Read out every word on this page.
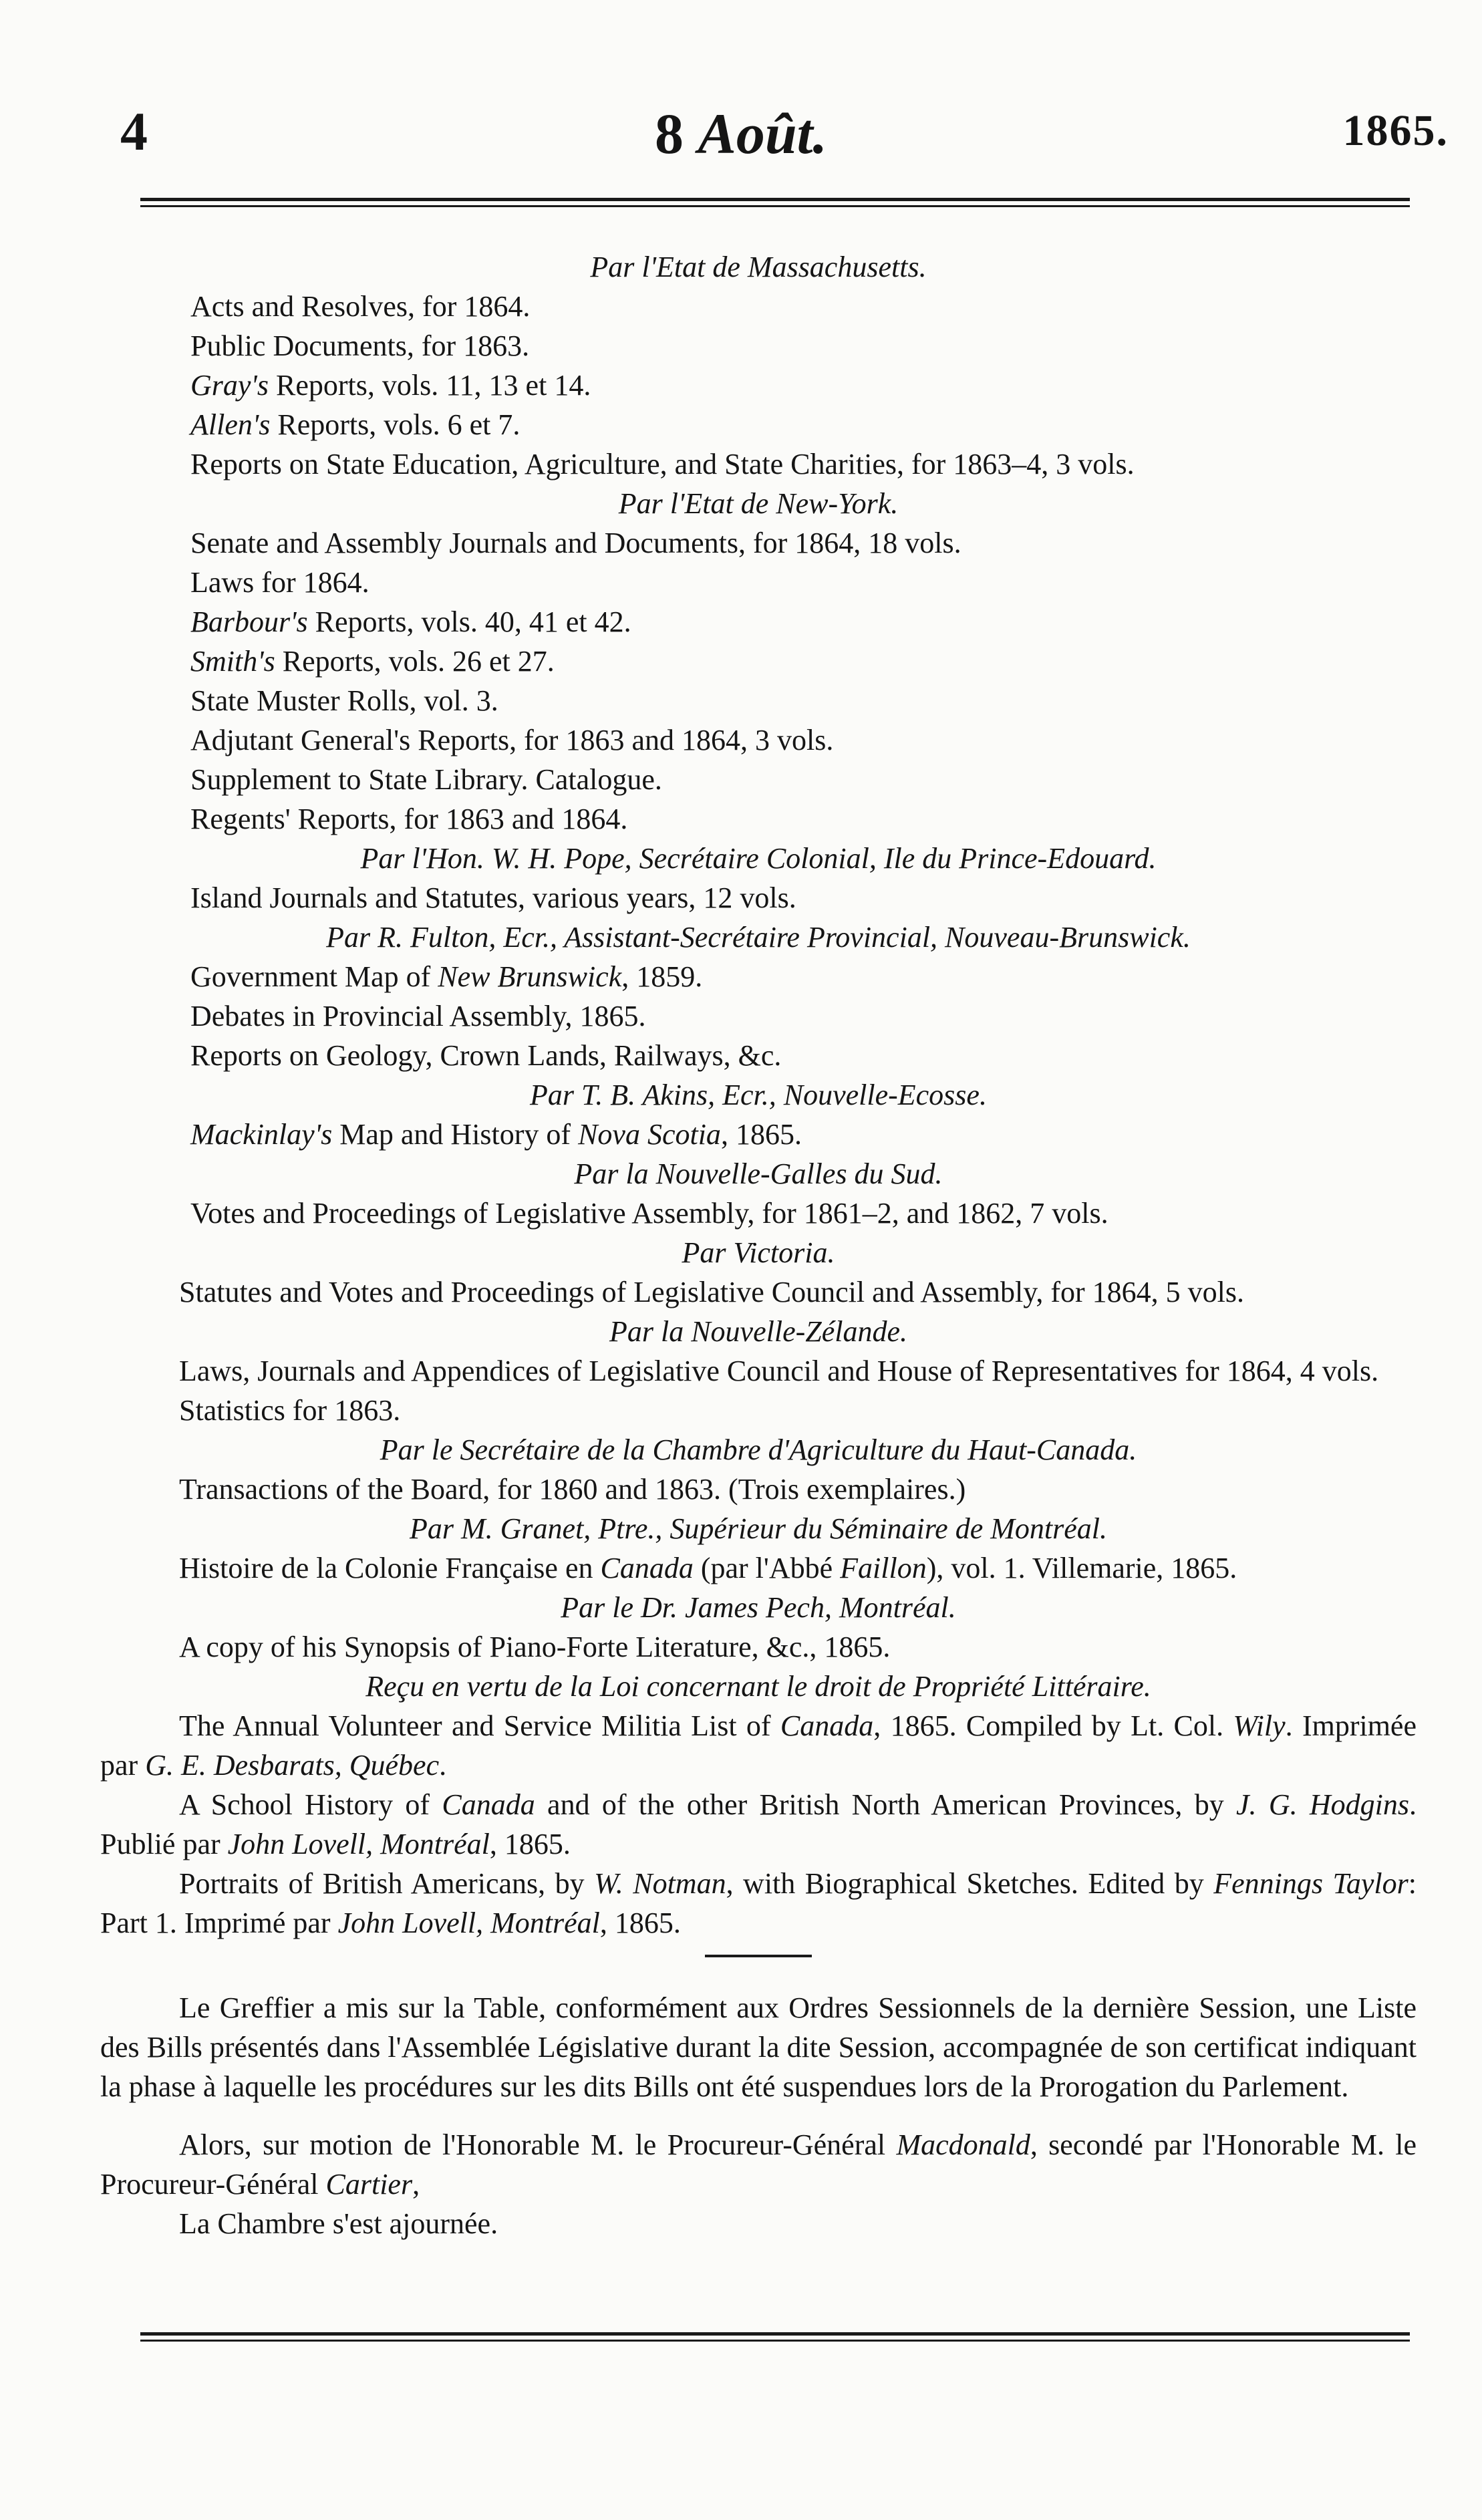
4	8 Août.	1865.
Par l'Etat de Massachusetts.
Acts and Resolves, for 1864.
Public Documents, for 1863.
Gray's Reports, vols. 11, 13 et 14.
Allen's Reports, vols. 6 et 7.
Reports on State Education, Agriculture, and State Charities, for 1863–4, 3 vols.
Par l'Etat de New-York.
Senate and Assembly Journals and Documents, for 1864, 18 vols.
Laws for 1864.
Barbour's Reports, vols. 40, 41 et 42.
Smith's Reports, vols. 26 et 27.
State Muster Rolls, vol. 3.
Adjutant General's Reports, for 1863 and 1864, 3 vols.
Supplement to State Library. Catalogue.
Regents' Reports, for 1863 and 1864.
Par l'Hon. W. H. Pope, Secrétaire Colonial, Ile du Prince-Edouard.
Island Journals and Statutes, various years, 12 vols.
Par R. Fulton, Ecr., Assistant-Secrétaire Provincial, Nouveau-Brunswick.
Government Map of New Brunswick, 1859.
Debates in Provincial Assembly, 1865.
Reports on Geology, Crown Lands, Railways, &c.
Par T. B. Akins, Ecr., Nouvelle-Ecosse.
Mackinlay's Map and History of Nova Scotia, 1865.
Par la Nouvelle-Galles du Sud.
Votes and Proceedings of Legislative Assembly, for 1861–2, and 1862, 7 vols.
Par Victoria.
Statutes and Votes and Proceedings of Legislative Council and Assembly, for 1864, 5 vols.
Par la Nouvelle-Zélande.
Laws, Journals and Appendices of Legislative Council and House of Representatives for 1864, 4 vols.
Statistics for 1863.
Par le Secrétaire de la Chambre d'Agriculture du Haut-Canada.
Transactions of the Board, for 1860 and 1863. (Trois exemplaires.)
Par M. Granet, Ptre., Supérieur du Séminaire de Montréal.
Histoire de la Colonie Française en Canada (par l'Abbé Faillon), vol. 1. Villemarie, 1865.
Par le Dr. James Pech, Montréal.
A copy of his Synopsis of Piano-Forte Literature, &c., 1865.
Reçu en vertu de la Loi concernant le droit de Propriété Littéraire.
The Annual Volunteer and Service Militia List of Canada, 1865. Compiled by Lt. Col. Wily. Imprimée par G. E. Desbarats, Québec.
A School History of Canada and of the other British North American Provinces, by J. G. Hodgins. Publié par John Lovell, Montréal, 1865.
Portraits of British Americans, by W. Notman, with Biographical Sketches. Edited by Fennings Taylor: Part 1. Imprimé par John Lovell, Montréal, 1865.
Le Greffier a mis sur la Table, conformément aux Ordres Sessionnels de la dernière Session, une Liste des Bills présentés dans l'Assemblée Législative durant la dite Session, accompagnée de son certificat indiquant la phase à laquelle les procédures sur les dits Bills ont été suspendues lors de la Prorogation du Parlement.
Alors, sur motion de l'Honorable M. le Procureur-Général Macdonald, secondé par l'Honorable M. le Procureur-Général Cartier,
La Chambre s'est ajournée.
